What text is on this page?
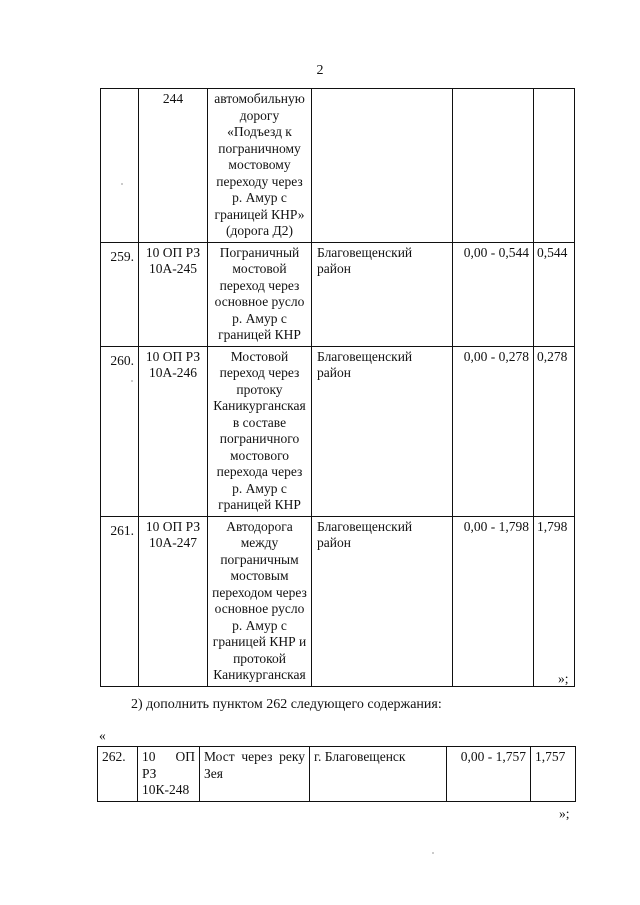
2
	244	автомобильную дорогу «Подъезд к пограничному мостовому переходу через р. Амур с границей КНР» (дорога Д2)			
259.	10 ОП РЗ 10А-245	Пограничный мостовой переход через основное русло р. Амур с границей КНР	Благовещенский район	0,00 - 0,544	0,544
260.	10 ОП РЗ 10А-246	Мостовой переход через протоку Каникурганская в составе пограничного мостового перехода через р. Амур с границей КНР	Благовещенский район	0,00 - 0,278	0,278
261.	10 ОП РЗ 10А-247	Автодорога между пограничным мостовым переходом через основное русло р. Амур с границей КНР и протокой Каникурганская	Благовещенский район	0,00 - 1,798	1,798
»;
2) дополнить пунктом 262 следующего содержания:
«
262.	10 ОП РЗ 10К-248	Мост через реку Зея	г. Благовещенск	0,00 - 1,757	1,757
»;
